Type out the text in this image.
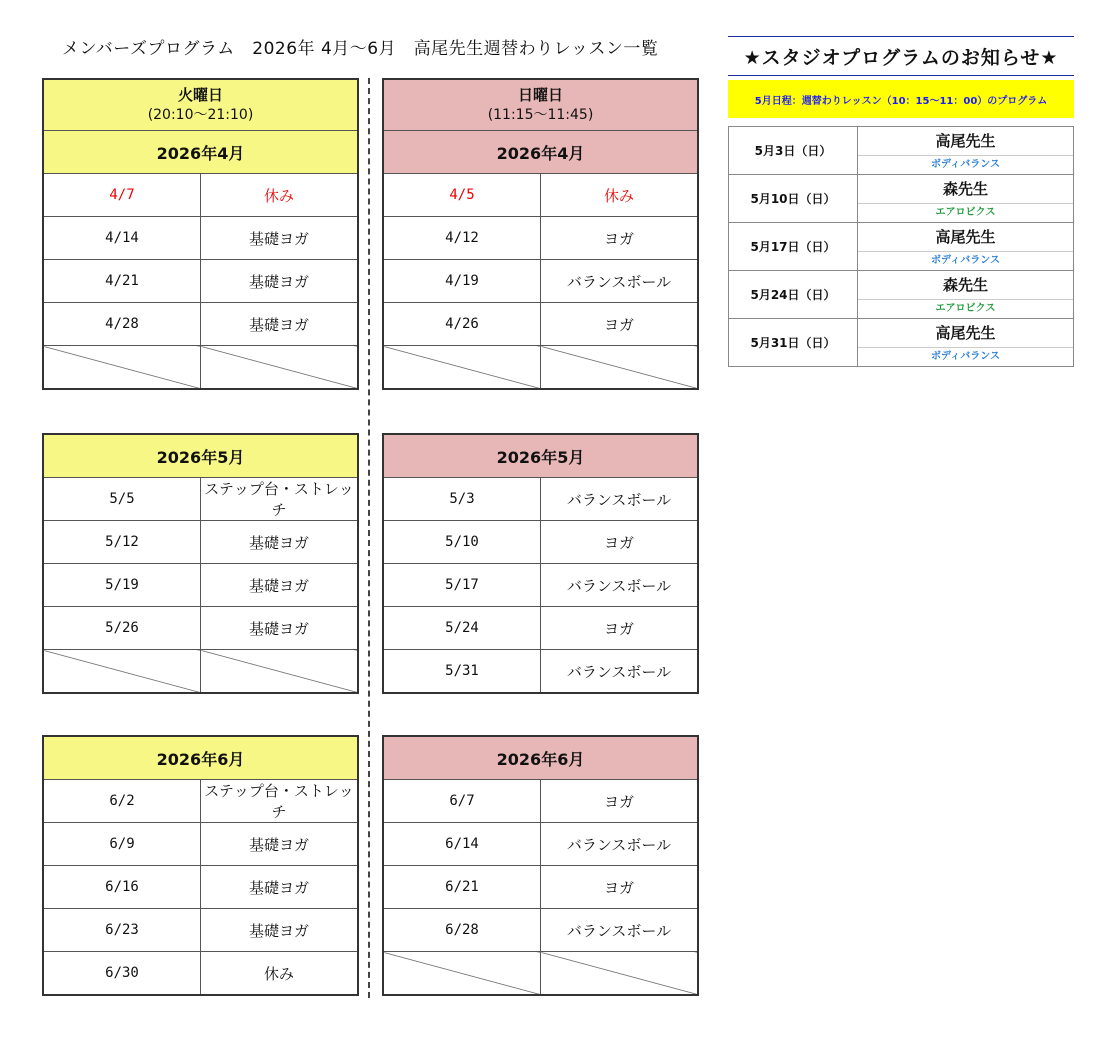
メンバーズプログラム　2026年 4月～6月　高尾先生週替わりレッスン一覧
火曜日
(20:10〜21:10)	

2026年4月	
4/7	休み
4/14	基礎ヨガ
4/21	基礎ヨガ
4/28	基礎ヨガ

2026年5月	
5/5	ステップ台・ストレッチ
5/12	基礎ヨガ
5/19	基礎ヨガ
5/26	基礎ヨガ

2026年6月	
6/2	ステップ台・ストレッチ
6/9	基礎ヨガ
6/16	基礎ヨガ
6/23	基礎ヨガ
6/30	休み
日曜日
(11:15〜11:45)	

2026年4月	
4/5	休み
4/12	ヨガ
4/19	バランスボール
4/26	ヨガ

2026年5月	
5/3	バランスボール
5/10	ヨガ
5/17	バランスボール
5/24	ヨガ
5/31	バランスボール
2026年6月	
6/7	ヨガ
6/14	バランスボール
6/21	ヨガ
6/28	バランスボール

★スタジオプログラムのお知らせ★
5月日程：週替わりレッスン（10：15〜11：00）のプログラム
5月3日（日）	高尾先生
ボディバランス

5月10日（日）	森先生
エアロビクス

5月17日（日）	高尾先生
ボディバランス

5月24日（日）	森先生
エアロビクス

5月31日（日）	高尾先生
ボディバランス
